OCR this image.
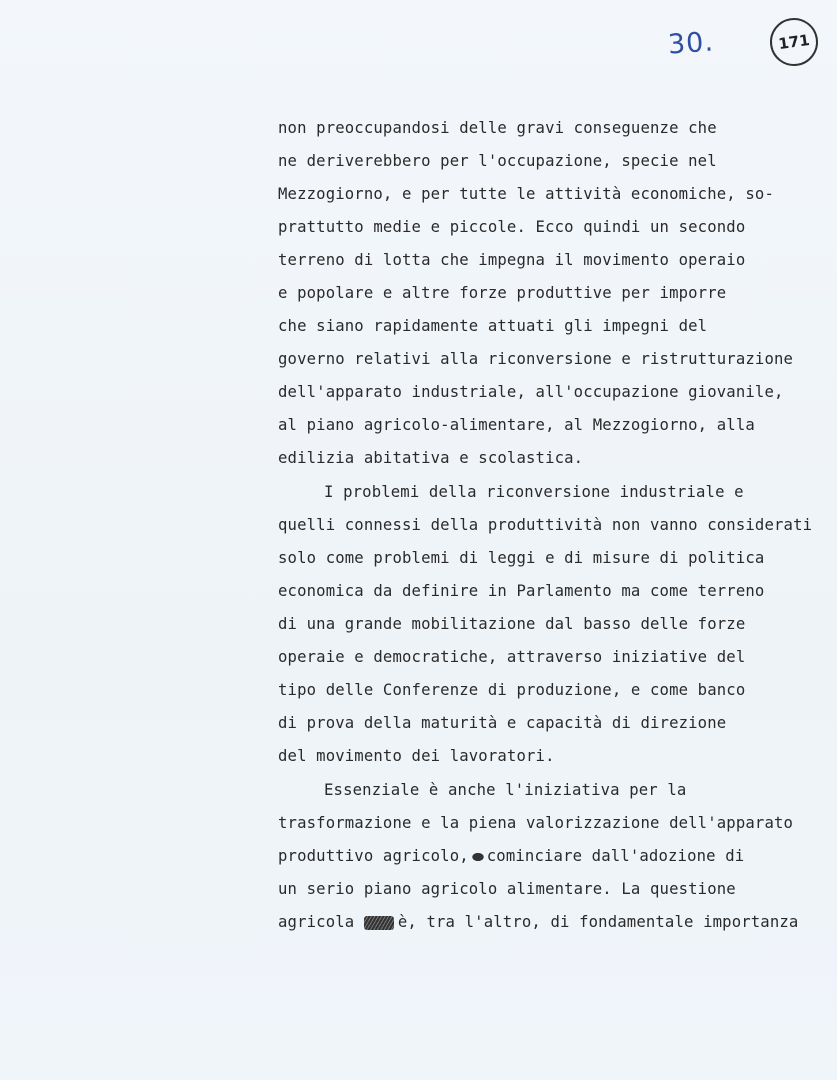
30.	171
non preoccupandosi delle gravi conseguenze che
ne deriverebbero per l'occupazione, specie nel
Mezzogiorno, e per tutte le attività economiche, so-
prattutto medie e piccole. Ecco quindi un secondo
terreno di lotta che impegna il movimento operaio
e popolare e altre forze produttive per imporre
che siano rapidamente attuati gli impegni del
governo relativi alla riconversione e ristrutturazione
dell'apparato industriale, all'occupazione giovanile,
al piano agricolo-alimentare, al Mezzogiorno, alla
edilizia abitativa e scolastica.
I problemi della riconversione industriale e
quelli connessi della produttività non vanno considerati
solo come problemi di leggi e di misure di politica
economica da definire in Parlamento ma come terreno
di una grande mobilitazione dal basso delle forze
operaie e democratiche, attraverso iniziative del
tipo delle Conferenze di produzione, e come banco
di prova della maturità e capacità di direzione
del movimento dei lavoratori.
Essenziale è anche l'iniziativa per la
trasformazione e la piena valorizzazione dell'apparato
produttivo agricolo, cominciare dall'adozione di
un serio piano agricolo alimentare. La questione
agricola	è, tra l'altro, di fondamentale importanza
